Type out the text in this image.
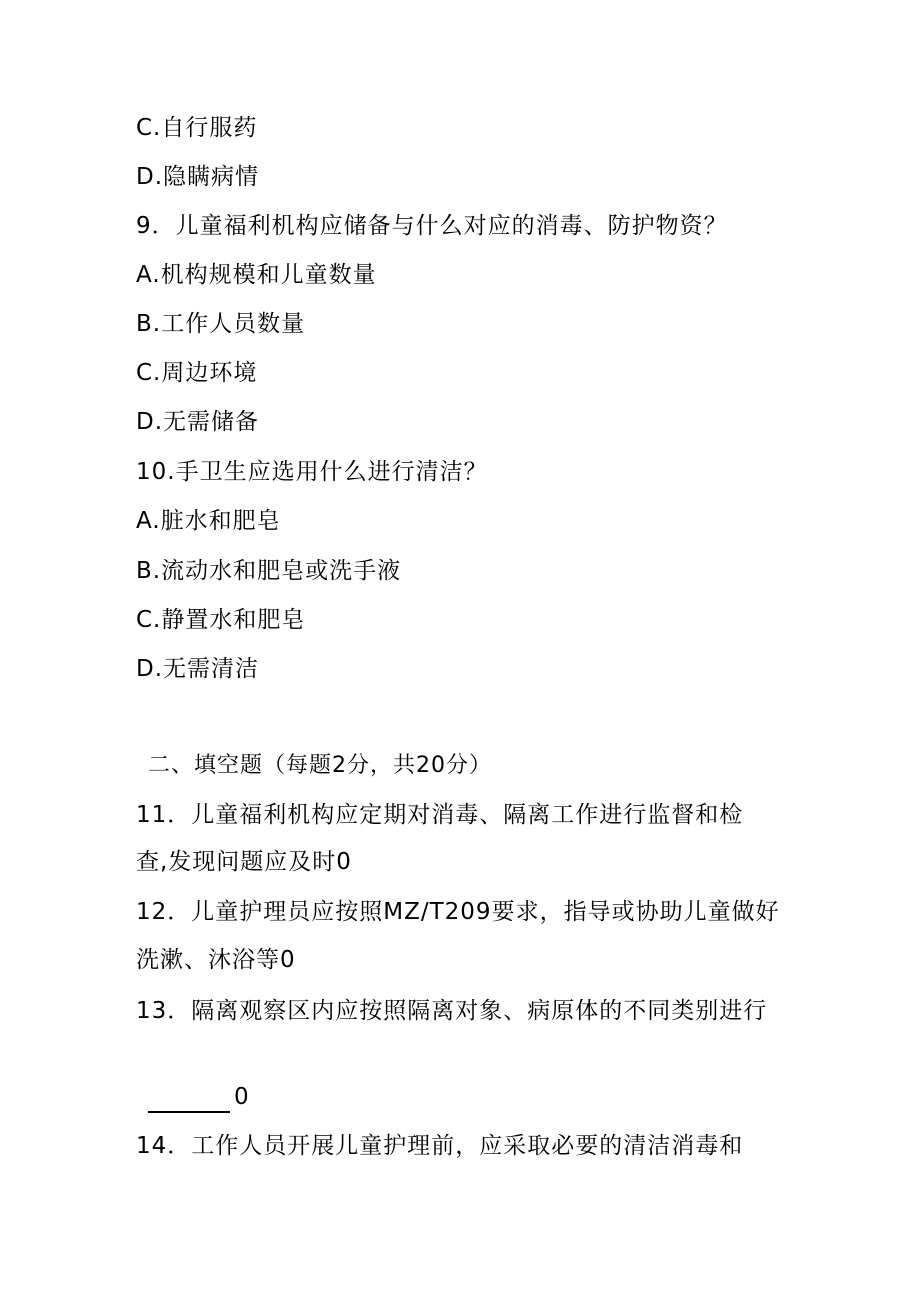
C.自行服药
D.隐瞒病情
9．儿童福利机构应储备与什么对应的消毒、防护物资？
A.机构规模和儿童数量
B.工作人员数量
C.周边环境
D.无需储备
10.手卫生应选用什么进行清洁？
A.脏水和肥皂
B.流动水和肥皂或洗手液
C.静置水和肥皂
D.无需清洁
二、填空题（每题2分，共20分）
11．儿童福利机构应定期对消毒、隔离工作进行监督和检
查,发现问题应及时0
12．儿童护理员应按照MZ/T209要求，指导或协助儿童做好
洗漱、沐浴等0
13．隔离观察区内应按照隔离对象、病原体的不同类别进行
0
14．工作人员开展儿童护理前，应采取必要的清洁消毒和
